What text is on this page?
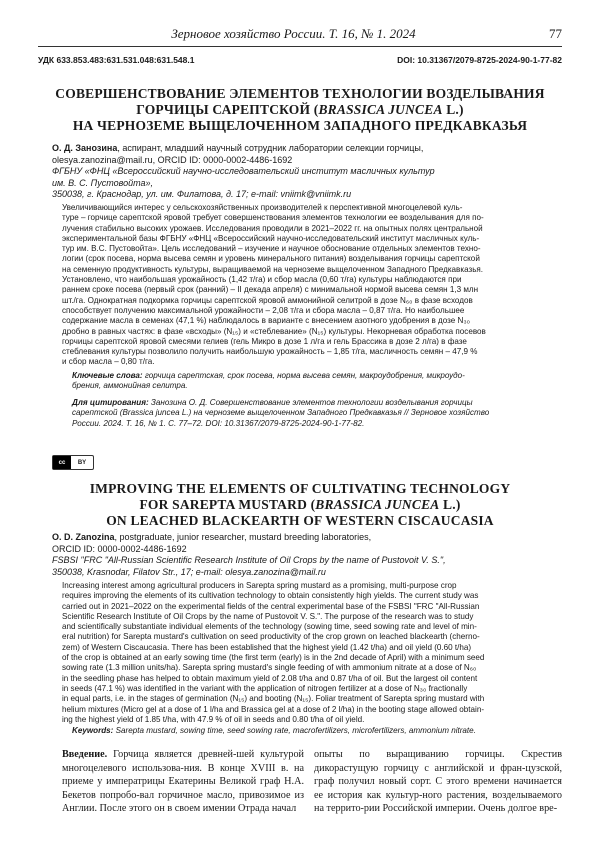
Зерновое хозяйство России. Т. 16, № 1. 2024	77
УДК 633.853.483:631.531.048:631.548.1	DOI: 10.31367/2079-8725-2024-90-1-77-82
СОВЕРШЕНСТВОВАНИЕ ЭЛЕМЕНТОВ ТЕХНОЛОГИИ ВОЗДЕЛЫВАНИЯ
ГОРЧИЦЫ САРЕПТСКОЙ (BRASSICA JUNCEA L.)
НА ЧЕРНОЗЕМЕ ВЫЩЕЛОЧЕННОМ ЗАПАДНОГО ПРЕДКАВКАЗЬЯ
О. Д. Занозина, аспирант, младший научный сотрудник лаборатории селекции горчицы,
olesya.zanozina@mail.ru, ORCID ID: 0000-0002-4486-1692
ФГБНУ «ФНЦ «Всероссийский научно-исследовательский институт масличных культур
им. В. С. Пустовойта»,
350038, г. Краснодар, ул. им. Филатова, д. 17; e-mail: vniimk@vniimk.ru
Увеличивающийся интерес у сельскохозяйственных производителей к перспективной многоцелевой куль-
туре – горчице сарептской яровой требует совершенствования элементов технологии ее возделывания для по-
лучения стабильно высоких урожаев. Исследования проводили в 2021–2022 гг. на опытных полях центральной
экспериментальной базы ФГБНУ «ФНЦ «Всероссийский научно-исследовательский институт масличных куль-
тур им. В.С. Пустовойта». Цель исследований – изучение и научное обоснование отдельных элементов техно-
логии (срок посева, норма высева семян и уровень минерального питания) возделывания горчицы сарептской
на семенную продуктивность культуры, выращиваемой на черноземе выщелоченном Западного Предкавказья.
Установлено, что наибольшая урожайность (1,42 т/га) и сбор масла (0,60 т/га) культуры наблюдаются при
раннем сроке посева (первый срок (ранний) – II декада апреля) с минимальной нормой высева семян 1,3 млн
шт./га. Однократная подкормка горчицы сарептской яровой аммонийной селитрой в дозе N₆₀ в фазе всходов
способствует получению максимальной урожайности – 2,08 т/га и сбора масла – 0,87 т/га. Но наибольшее
содержание масла в семенах (47,1 %) наблюдалось в варианте с внесением азотного удобрения в дозе N₃₀
дробно в равных частях: в фазе «всходы» (N₁₅) и «стеблевание» (N₁₅) культуры. Некорневая обработка посевов
горчицы сарептской яровой смесями гелиев (гель Микро в дозе 1 л/га и гель Брассика в дозе 2 л/га) в фазе
стеблевания культуры позволило получить наибольшую урожайность – 1,85 т/га, масличность семян – 47,9 %
и сбор масла – 0,80 т/га.
Ключевые слова: горчица сарептская, срок посева, норма высева семян, макроудобрения, микроудо-
брения, аммонийная селитра.
Для цитирования: Занозина О. Д. Совершенствование элементов технологии возделывания горчицы
сарептской (Brassica juncea L.) на черноземе выщелоченном Западного Предкавказья // Зерновое хозяйство
России. 2024. Т. 16, № 1. С. 77–72. DOI: 10.31367/2079-8725-2024-90-1-77-82.
cc	BY
IMPROVING THE ELEMENTS OF CULTIVATING TECHNOLOGY
FOR SAREPTA MUSTARD (BRASSICA JUNCEA L.)
ON LEACHED BLACKEARTH OF WESTERN CISCAUCASIA
O. D. Zanozina, postgraduate, junior researcher, mustard breeding laboratories,
ORCID ID: 0000-0002-4486-1692
FSBSI "FRC "All-Russian Scientific Research Institute of Oil Crops by the name of Pustovoit V. S.",
350038, Krasnodar, Filatov Str., 17; e-mail: olesya.zanozina@mail.ru
Increasing interest among agricultural producers in Sarepta spring mustard as a promising, multi-purpose crop
requires improving the elements of its cultivation technology to obtain consistently high yields. The current study was
carried out in 2021–2022 on the experimental fields of the central experimental base of the FSBSI "FRC "All-Russian
Scientific Research Institute of Oil Crops by the name of Pustovoit V. S.". The purpose of the research was to study
and scientifically substantiate individual elements of the technology (sowing time, seed sowing rate and level of min-
eral nutrition) for Sarepta mustard's cultivation on seed productivity of the crop grown on leached blackearth (cherno-
zem) of Western Ciscaucasia. There has been established that the highest yield (1.42 t/ha) and oil yield (0.60 t/ha)
of the crop is obtained at an early sowing time (the first term (early) is in the 2nd decade of April) with a minimum seed
sowing rate (1.3 million units/ha). Sarepta spring mustard's single feeding of with ammonium nitrate at a dose of N₆₀
in the seedling phase has helped to obtain maximum yield of 2.08 t/ha and 0.87 t/ha of oil. But the largest oil content
in seeds (47.1 %) was identified in the variant with the application of nitrogen fertilizer at a dose of N₃₀ fractionally
in equal parts, i.e. in the stages of germination (N₁₅) and booting (N₁₅). Foliar treatment of Sarepta spring mustard with
helium mixtures (Micro gel at a dose of 1 l/ha and Brassica gel at a dose of 2 l/ha) in the booting stage allowed obtain-
ing the highest yield of 1.85 t/ha, with 47.9 % of oil in seeds and 0.80 t/ha of oil yield.
Keywords: Sarepta mustard, sowing time, seed sowing rate, macrofertilizers, microfertilizers, ammonium nitrate.
Введение. Горчица является древней-шей культурой многоцелевого использова-ния. В конце XVIII в. на приеме у императрицы Екатерины Великой граф Н.А. Бекетов попробо-вал горчичное масло, привозимое из Англии. После этого он в своем имении Отрада начал
опыты по выращиванию горчицы. Скрестив дикорастущую горчицу с английской и фран-цузской, граф получил новый сорт. С этого времени начинается ее история как культур-ного растения, возделываемого на террито-рии Российской империи. Очень долгое вре-
